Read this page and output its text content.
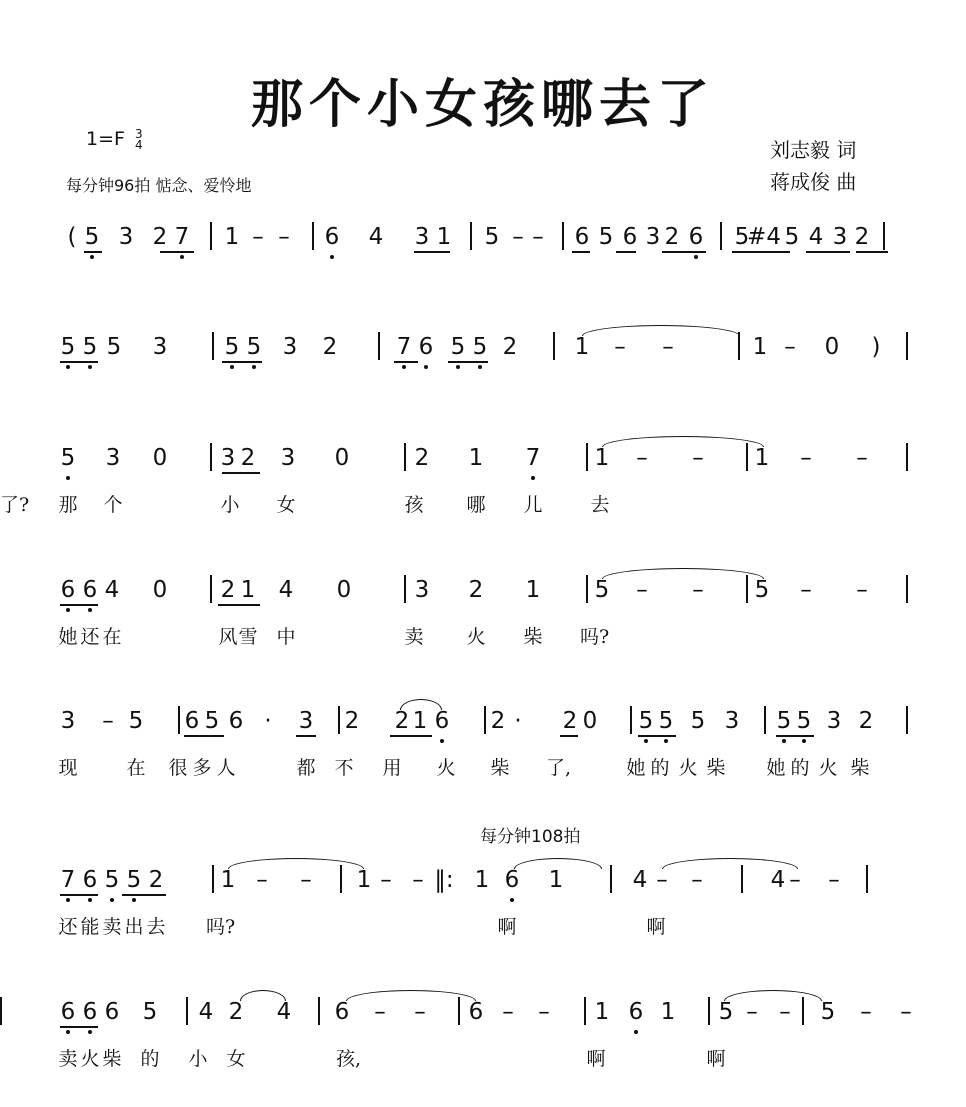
那个小女孩哪去了
1=F 3
4
每分钟96拍 惦念、爱怜地
刘志毅 词
蒋成俊 曲
每分钟108拍
( 5 3 2 7 1 – – 6 4 3 1 5 – – 6 5 6 3 2 6 5
#4 5 4 3 2
5 5 5 3 5 5 3 2	7 6 5 5 2 1 – –	1 – 0 )
5 3 0 3 2 3 0	2 1 7 1 – – 1 – –
那 个	小 女	孩 哪 儿	去
了?
6 6 4 0 2 1 4 0	3 2 1 5 – – 5 – –
她 还 在	风 雪 中	卖 火 柴 吗?
3 – 5 6 5 6 · 3 2 2 1 6 2 · 2 0 5 5 5 3 5 5 3 2
现	在 很 多 人	都 不 用 火 柴 了,	她 的 火 柴 她 的 火 柴
7 6 5 5 2 1 – – 1 – – ‖: 1 6 1	4 – –	4 – –
还 能 卖 出 去 吗?	啊	啊
6 6 6 5 4 2 4 6 – – 6 – – 1 6 1 5 – – 5 – –
卖 火 柴 的 小 女	孩,	啊	啊
